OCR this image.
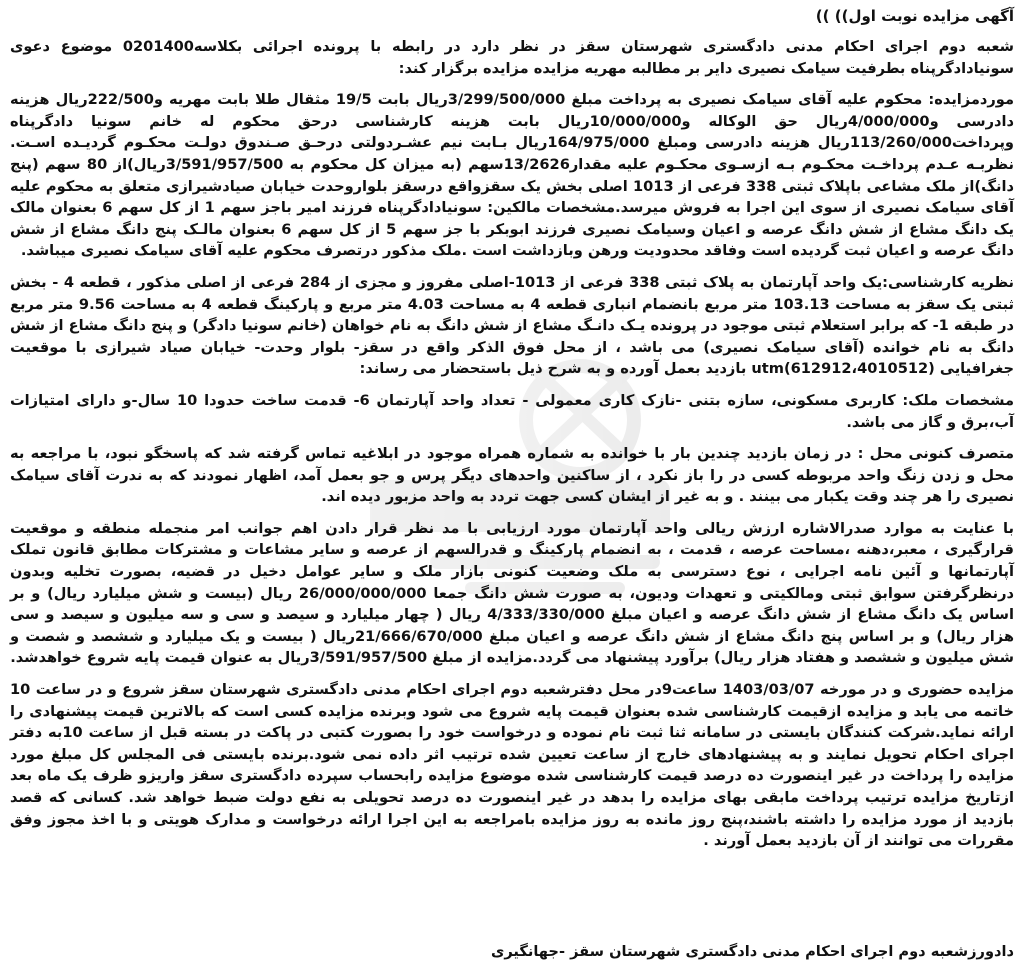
آگهی مزایده نوبت اول)) ))

شعبه دوم اجرای احکام مدنی دادگستری شهرستان سقز در نظر دارد در رابطه با پرونده اجرائی بکلاسه0201400 موضوع دعوی سونیادادگرپناه بطرفیت سیامک نصیری دایر بر مطالبه مهریه مزایده مزایده برگزار کند:

موردمزایده: محکوم علیه آقای سیامک نصیری به پرداخت مبلغ 3/299/500/000ریال بابت 19/5 مثقال طلا بابت مهریه و222/500ریال هزینه دادرسی و4/000/000ریال حق الوکاله و10/000/000ریال بابت هزینه کارشناسی درحق محکوم له خانم سونیا دادگرپناه وپرداخت113/260/000ریال هزینه دادرسی ومبلغ 164/975/000ریال بـابت نیم عشـردولتی درحـق صـندوق دولـت محکـوم گردیـده اسـت. نظربـه عـدم پرداخـت محکـوم بـه ازسـوی محکـوم علیه مقدار13/2626سهم (به میزان کل محکوم به 3/591/957/500ریال)از 80 سهم (پنج دانگ)از ملک مشاعی باپلاک ثبتی 338 فرعی از 1013 اصلی بخش یک سقزواقع درسقز بلواروحدت خیابان صیادشیرازی متعلق به محکوم علیه آقای سیامک نصیری از سوی این اجرا به فروش میرسد.مشخصات مالکین: سونیادادگرپناه فرزند امیر باجز سهم 1 از کل سهم 6 بعنوان مالک یک دانگ مشاع از شش دانگ عرصه و اعیان وسیامک نصیری فرزند ابوبکر با جز سهم 5 از کل سهم 6 بعنوان مالـک پنج دانگ مشاع از شش دانگ عرصه و اعیان ثبت گردیده است وفاقد محدودیت ورهن وبازداشت است .ملک مذکور درتصرف محکوم علیه آقای سیامک نصیری میباشد.

نظریه کارشناسی:یک واحد آپارتمان به پلاک ثبتی 338 فرعی از 1013-اصلی مفروز و مجزی از 284 فرعی از اصلی مذکور ، قطعه 4 - بخش ثبتی یک سقز به مساحت 103.13 متر مربع بانضمام انباری قطعه 4 به مساحت 4.03 متر مربع و پارکینگ قطعه 4 به مساحت 9.56 متر مربع در طبقه 1- که برابر استعلام ثبتی موجود در پرونده یـک دانـگ مشاع از شش دانگ به نام خواهان (خانم سونیا دادگر) و پنج دانگ مشاع از شش دانگ به نام خوانده (آقای سیامک نصیری) می باشد ، از محل فوق الذکر واقع در سقز- بلوار وحدت- خیابان صیاد شیرازی با موقعیت جغرافیایی utm(612912،4010512) بازدید بعمل آورده و به شرح ذیل باستحضار می رساند:

مشخصات ملک: کاربری مسکونی، سازه بتنی -نازک کاری معمولی - تعداد واحد آپارتمان 6- قدمت ساخت حدودا 10 سال-و دارای امتیازات آب،برق و گاز می باشد.

متصرف کنونی محل : در زمان بازدید چندین بار با خوانده به شماره همراه موجود در ابلاغیه تماس گرفته شد که پاسخگو نبود، با مراجعه به محل و زدن زنگ واحد مربوطه کسی در را باز نکرد ، از ساکنین واحدهای دیگر پرس و جو بعمل آمد، اظهار نمودند که به ندرت آقای سیامک نصیری را هر چند وقت یکبار می بینند . و به غیر از ایشان کسی جهت تردد به واحد مزبور دیده اند.

با عنایت به موارد صدرالاشاره ارزش ریالی واحد آپارتمان مورد ارزیابی با مد نظر قرار دادن اهم جوانب امر منجمله منطقه و موقعیت قرارگیری ، معبر،دهنه ،مساحت عرصه ، قدمت ، به انضمام پارکینگ و قدرالسهم از عرصه و سایر مشاعات و مشترکات مطابق قانون تملک آپارتمانها و آئین نامه اجرایی ، نوع دسترسی به ملک وضعیت کنونی بازار ملک و سایر عوامل دخیل در قضیه، بصورت تخلیه وبدون درنظرگرفتن سوابق ثبتی ومالکیتی و تعهدات ودیون، به صورت شش دانگ جمعا 26/000/000/000 ریال (بیست و شش میلیارد ریال) و بر اساس یک دانگ مشاع از شش دانگ عرصه و اعیان مبلغ 4/333/330/000 ریال ( چهار میلیارد و سیصد و سی و سه میلیون و سیصد و سی هزار ریال) و بر اساس پنج دانگ مشاع از شش دانگ عرصه و اعیان مبلغ 21/666/670/000ریال ( بیست و یک میلیارد و ششصد و شصت و شش میلیون و ششصد و هفتاد هزار ریال) برآورد پیشنهاد می گردد.مزایده از مبلغ 3/591/957/500ریال به عنوان قیمت پایه شروع خواهدشد.

مزایده حضوری و در مورخه 1403/03/07 ساعت9در محل دفترشعبه دوم اجرای احکام مدنی دادگستری شهرستان سقز شروع و در ساعت 10 خاتمه می یابد و مزایده ازقیمت کارشناسی شده بعنوان قیمت پایه شروع می شود وبرنده مزایده کسی است که بالاترین قیمت پیشنهادی را ارائه نماید.شرکت کنندگان بایستی در سامانه ثنا ثبت نام نموده و درخواست خود را بصورت کتبی در پاکت در بسته قبل از ساعت 10به دفتر اجرای احکام تحویل نمایند و به پیشنهادهای خارج از ساعت تعیین شده ترتیب اثر داده نمی شود.برنده بایستی فی المجلس کل مبلغ مورد مزایده را پرداخت در غیر اینصورت ده درصد قیمت کارشناسی شده موضوع مزایده رابحساب سپرده دادگستری سقز واریزو ظرف یک ماه بعد ازتاریخ مزایده ترتیب پرداخت مابقی بهای مزایده را بدهد در غیر اینصورت ده درصد تحویلی به نفع دولت ضبط خواهد شد. کسانی که قصد بازدید از مورد مزایده را داشته باشند،پنج روز مانده به روز مزایده بامراجعه به این اجرا ارائه درخواست و مدارک هویتی و با اخذ مجوز وفق مقررات می توانند از آن بازدید بعمل آورند .

دادورزشعبه دوم اجرای احکام مدنی دادگستری شهرستان سقز -جهانگیری
